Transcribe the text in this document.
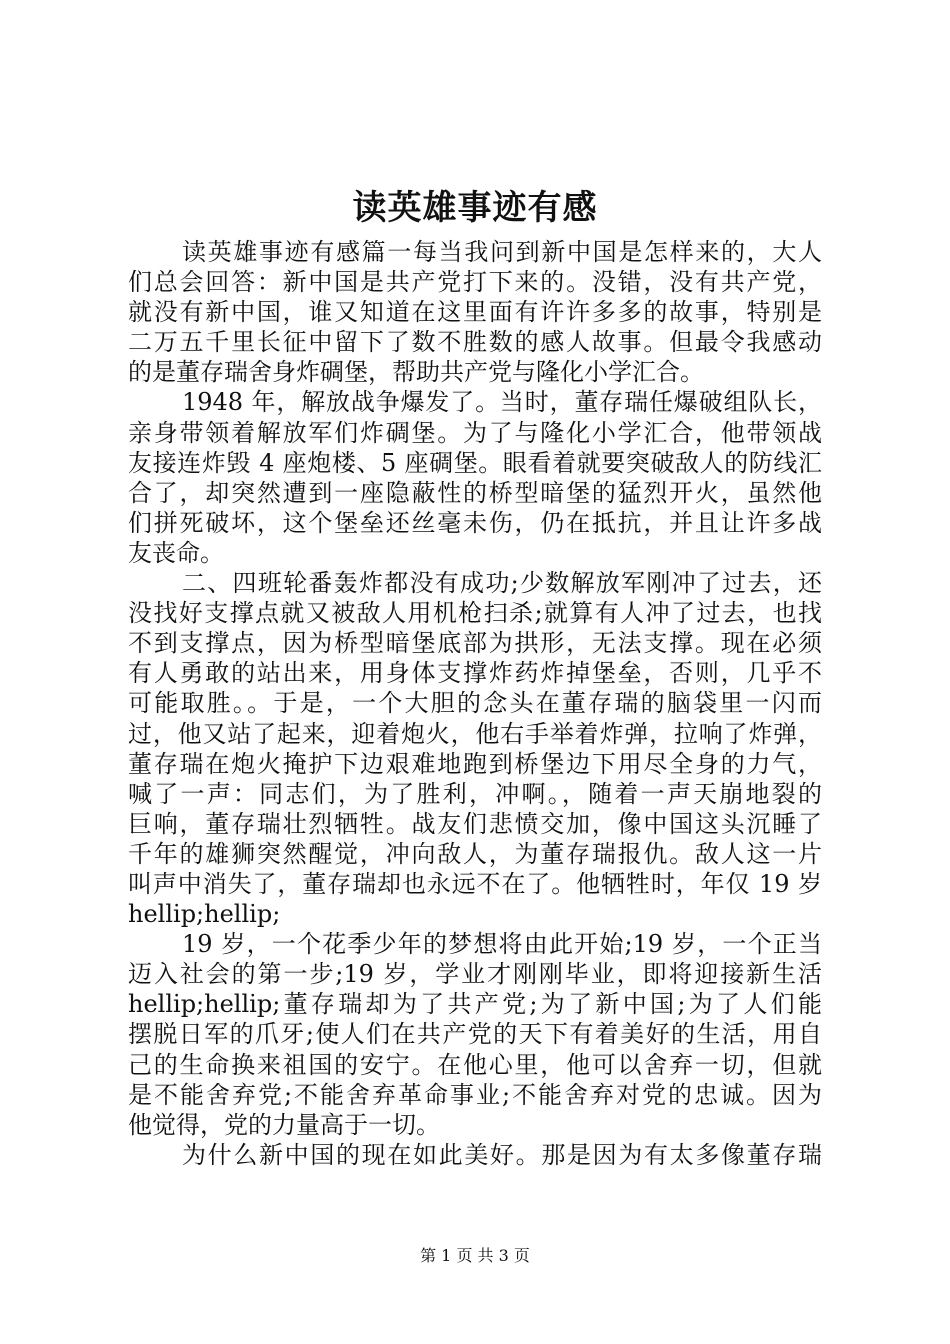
读英雄事迹有感
读英雄事迹有感篇一每当我问到新中国是怎样来的，大人
们总会回答：新中国是共产党打下来的。没错，没有共产党，
就没有新中国，谁又知道在这里面有许许多多的故事，特别是
二万五千里长征中留下了数不胜数的感人故事。但最令我感动
的是董存瑞舍身炸碉堡，帮助共产党与隆化小学汇合。
1948 年，解放战争爆发了。当时，董存瑞任爆破组队长，
亲身带领着解放军们炸碉堡。为了与隆化小学汇合，他带领战
友接连炸毁 4 座炮楼、5 座碉堡。眼看着就要突破敌人的防线汇
合了，却突然遭到一座隐蔽性的桥型暗堡的猛烈开火，虽然他
们拼死破坏，这个堡垒还丝毫未伤，仍在抵抗，并且让许多战
友丧命。
二、四班轮番轰炸都没有成功;少数解放军刚冲了过去，还
没找好支撑点就又被敌人用机枪扫杀;就算有人冲了过去，也找
不到支撑点，因为桥型暗堡底部为拱形，无法支撑。现在必须
有人勇敢的站出来，用身体支撑炸药炸掉堡垒，否则，几乎不
可能取胜。。于是，一个大胆的念头在董存瑞的脑袋里一闪而
过，他又站了起来，迎着炮火，他右手举着炸弹，拉响了炸弹，
董存瑞在炮火掩护下边艰难地跑到桥堡边下用尽全身的力气，
喊了一声：同志们，为了胜利，冲啊。，随着一声天崩地裂的
巨响，董存瑞壮烈牺牲。战友们悲愤交加，像中国这头沉睡了
千年的雄狮突然醒觉，冲向敌人，为董存瑞报仇。敌人这一片
叫声中消失了，董存瑞却也永远不在了。他牺牲时，年仅 19 岁
hellip;hellip;
19 岁，一个花季少年的梦想将由此开始;19 岁，一个正当
迈入社会的第一步;19 岁，学业才刚刚毕业，即将迎接新生活
hellip;hellip;董存瑞却为了共产党;为了新中国;为了人们能
摆脱日军的爪牙;使人们在共产党的天下有着美好的生活，用自
己的生命换来祖国的安宁。在他心里，他可以舍弃一切，但就
是不能舍弃党;不能舍弃革命事业;不能舍弃对党的忠诚。因为
他觉得，党的力量高于一切。
为什么新中国的现在如此美好。那是因为有太多像董存瑞
第 1 页 共 3 页
